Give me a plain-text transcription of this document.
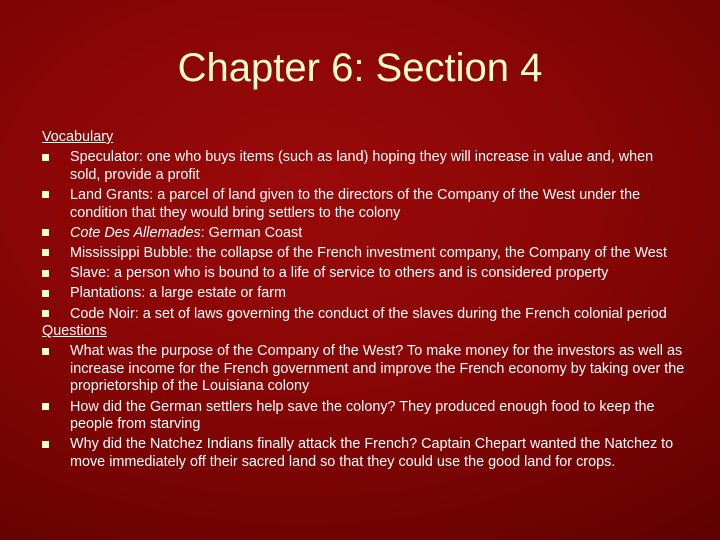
Chapter 6: Section 4
Vocabulary
Speculator: one who buys items (such as land) hoping they will increase in value and, when sold, provide a profit
Land Grants: a parcel of land given to the directors of the Company of the West under the condition that they would bring settlers to the colony
Cote Des Allemades: German Coast
Mississippi Bubble: the collapse of the French investment company, the Company of the West
Slave: a person who is bound to a life of service to others and is considered property
Plantations: a large estate or farm
Code Noir: a set of laws governing the conduct of the slaves during the French colonial period
Questions
What was the purpose of the Company of the West? To make money for the investors as well as increase income for the French government and improve the French economy by taking over the proprietorship of the Louisiana colony
How did the German settlers help save the colony? They produced enough food to keep the people from starving
Why did the Natchez Indians finally attack the French? Captain Chepart wanted the Natchez to move immediately off their sacred land so that they could use the good land for crops.
